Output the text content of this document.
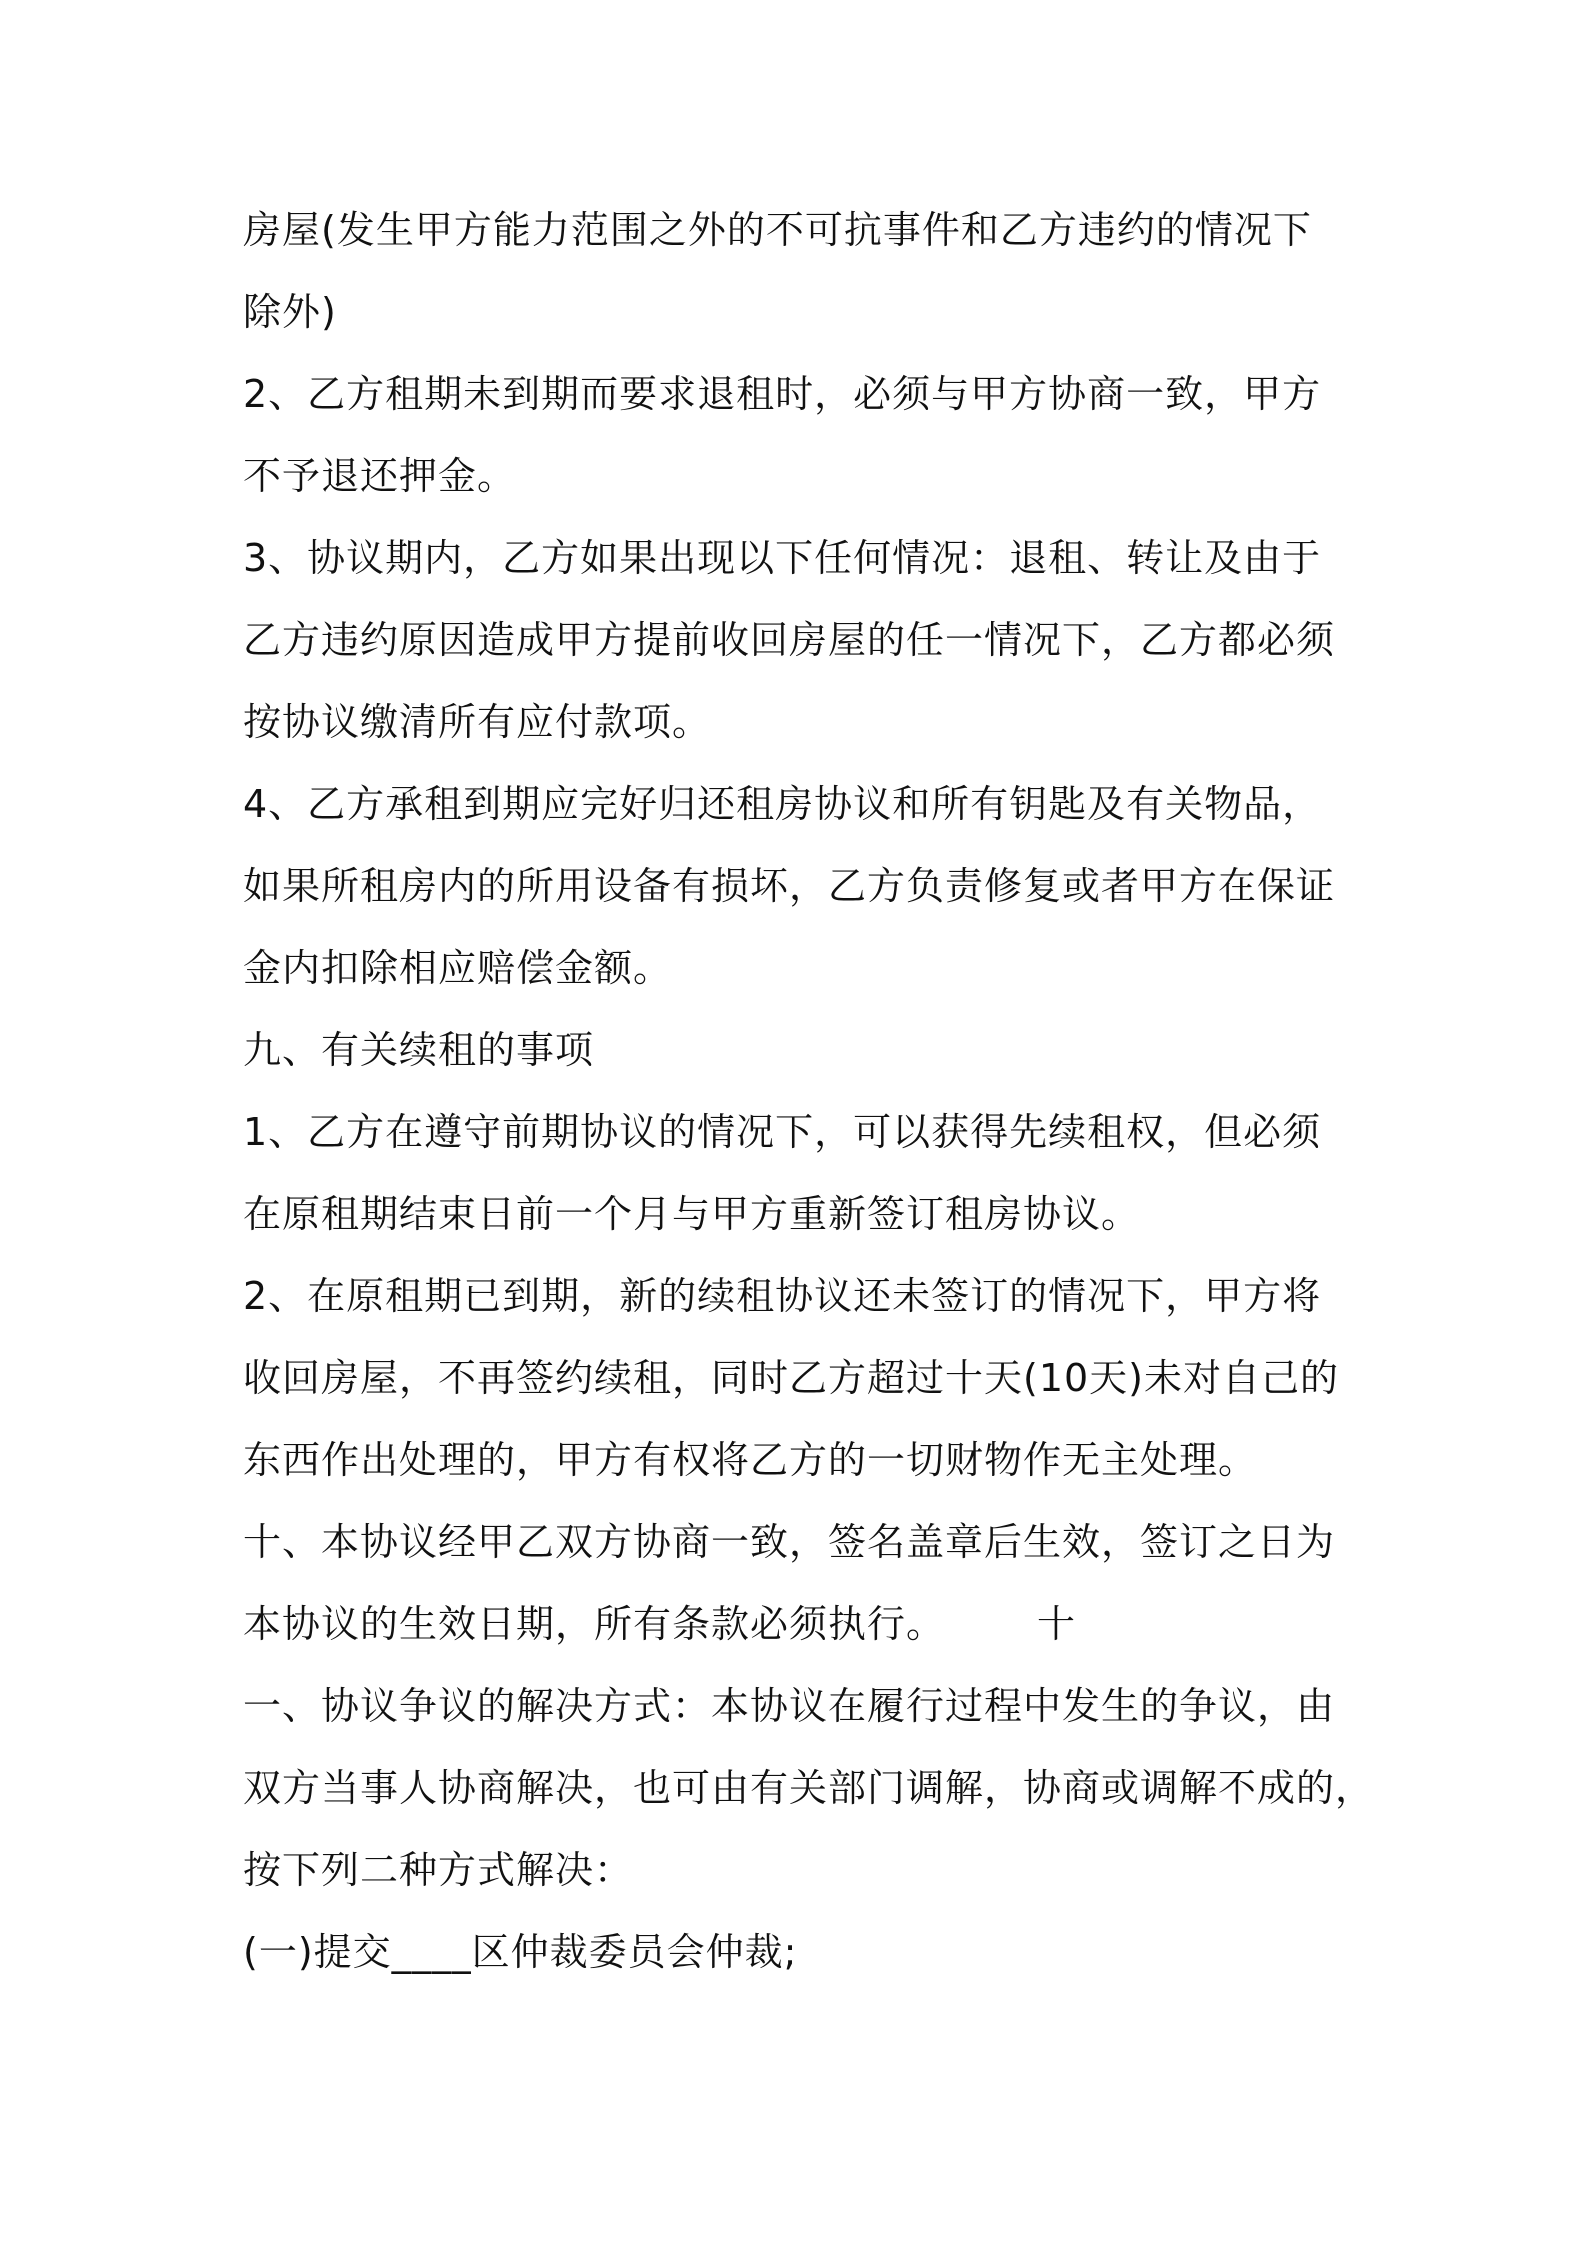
房屋(发生甲方能力范围之外的不可抗事件和乙方违约的情况下
除外)
2、乙方租期未到期而要求退租时，必须与甲方协商一致，甲方
不予退还押金。
3、协议期内，乙方如果出现以下任何情况：退租、转让及由于
乙方违约原因造成甲方提前收回房屋的任一情况下，乙方都必须
按协议缴清所有应付款项。
4、乙方承租到期应完好归还租房协议和所有钥匙及有关物品，
如果所租房内的所用设备有损坏，乙方负责修复或者甲方在保证
金内扣除相应赔偿金额。
九、有关续租的事项
1、乙方在遵守前期协议的情况下，可以获得先续租权，但必须
在原租期结束日前一个月与甲方重新签订租房协议。
2、在原租期已到期，新的续租协议还未签订的情况下，甲方将
收回房屋，不再签约续租，同时乙方超过十天(10天)未对自己的
东西作出处理的，甲方有权将乙方的一切财物作无主处理。
十、本协议经甲乙双方协商一致，签名盖章后生效，签订之日为
本协议的生效日期，所有条款必须执行。 十
一、协议争议的解决方式：本协议在履行过程中发生的争议，由
双方当事人协商解决，也可由有关部门调解，协商或调解不成的，
按下列二种方式解决：
(一)提交____区仲裁委员会仲裁;
